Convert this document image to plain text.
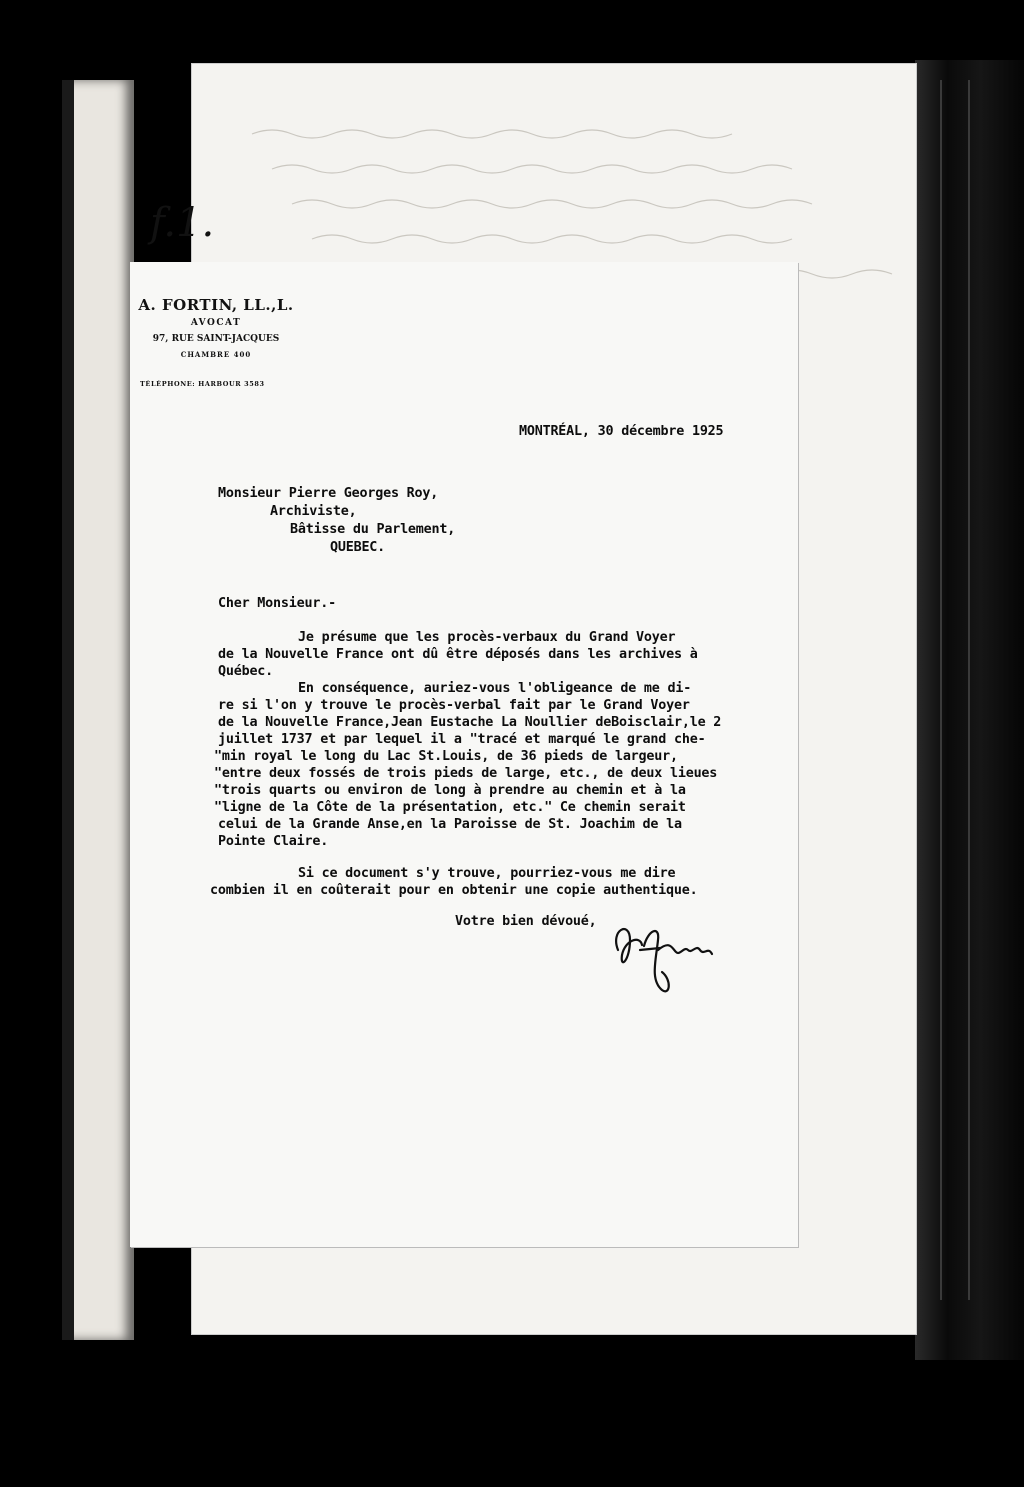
f.1.
A. FORTIN, LL.,L.
AVOCAT
97, RUE SAINT-JACQUES
CHAMBRE 400
TÉLÉPHONE: HARBOUR 3583
MONTRÉAL, 30 décembre 1925
Monsieur Pierre Georges Roy,
Archiviste,
Bâtisse du Parlement,
QUEBEC.
Cher Monsieur.-
Je présume que les procès-verbaux du Grand Voyer
de la Nouvelle France ont dû être déposés dans les archives à
Québec.
En conséquence, auriez-vous l'obligeance de me di-
re si l'on y trouve le procès-verbal fait par le Grand Voyer
de la Nouvelle France,Jean Eustache La Noullier deBoisclair,le 2
juillet 1737 et par lequel il a "tracé et marqué le grand che-
"min royal le long du Lac St.Louis, de 36 pieds de largeur,
"entre deux fossés de trois pieds de large, etc., de deux lieues
"trois quarts ou environ de long à prendre au chemin et à la
"ligne de la Côte de la présentation, etc." Ce chemin serait
celui de la Grande Anse,en la Paroisse de St. Joachim de la
Pointe Claire.
Si ce document s'y trouve, pourriez-vous me dire
combien il en coûterait pour en obtenir une copie authentique.
Votre bien dévoué,
